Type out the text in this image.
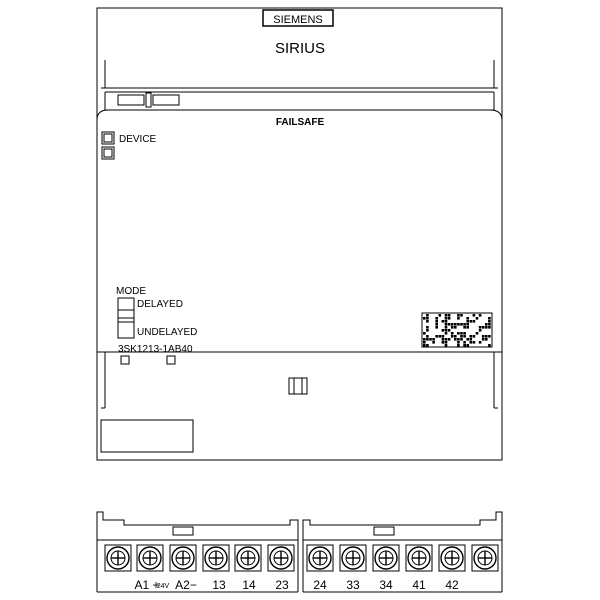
SIEMENS
SIRIUS
FAILSAFE
DEVICE
MODE
DELAYED
UNDELAYED
3SK1213-1AB40
A1 +
24V A2− 13 14 23 24 33 34 41 42
